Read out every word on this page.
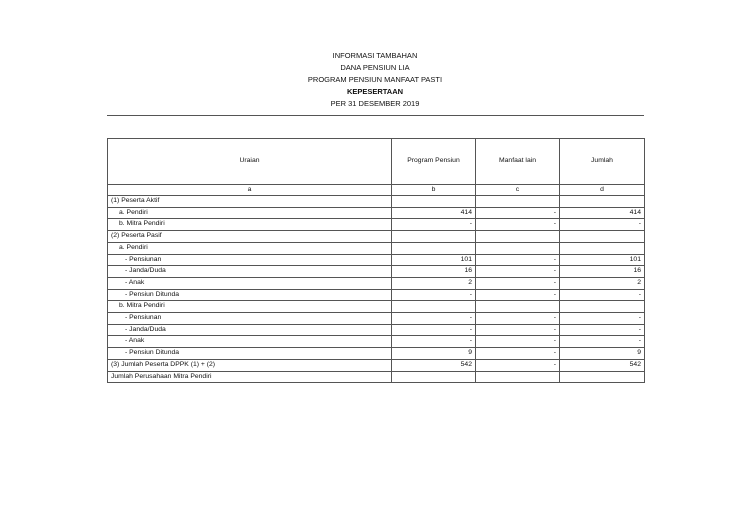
INFORMASI TAMBAHAN
DANA PENSIUN LIA
PROGRAM PENSIUN MANFAAT PASTI
KEPESERTAAN
PER 31 DESEMBER 2019
Uraian	Program Pensiun	Manfaat lain	Jumlah
a	b	c	d
(1) Peserta Aktif			
a. Pendiri	414	-	414
b. Mitra Pendiri	-	-	-
(2) Peserta Pasif			
a. Pendiri			
- Pensiunan	101	-	101
- Janda/Duda	16	-	16
- Anak	2	-	2
- Pensiun Ditunda	-	-	-
b. Mitra Pendiri			
- Pensiunan	-	-	-
- Janda/Duda	-	-	-
- Anak	-	-	-
- Pensiun Ditunda	9	-	9
(3) Jumlah Peserta DPPK (1) + (2)	542	-	542
Jumlah Perusahaan Mitra Pendiri			
